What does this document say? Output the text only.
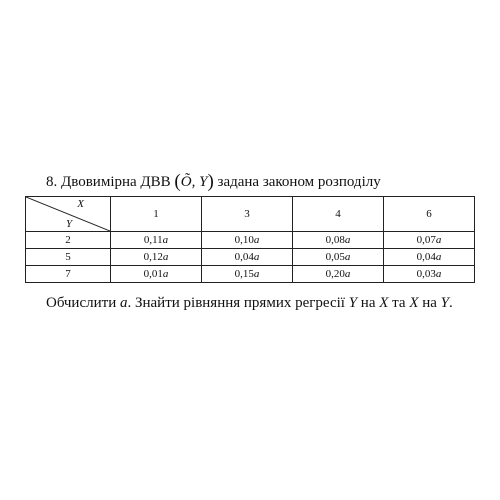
8. Двовимірна ДВВ (Õ, Y) задана законом розподілу
X
Y	1	3	4	6
2	0,11a	0,10a	0,08a	0,07a
5	0,12a	0,04a	0,05a	0,04a
7	0,01a	0,15a	0,20a	0,03a
Обчислити a. Знайти рівняння прямих регресії Y на X та X на Y.
